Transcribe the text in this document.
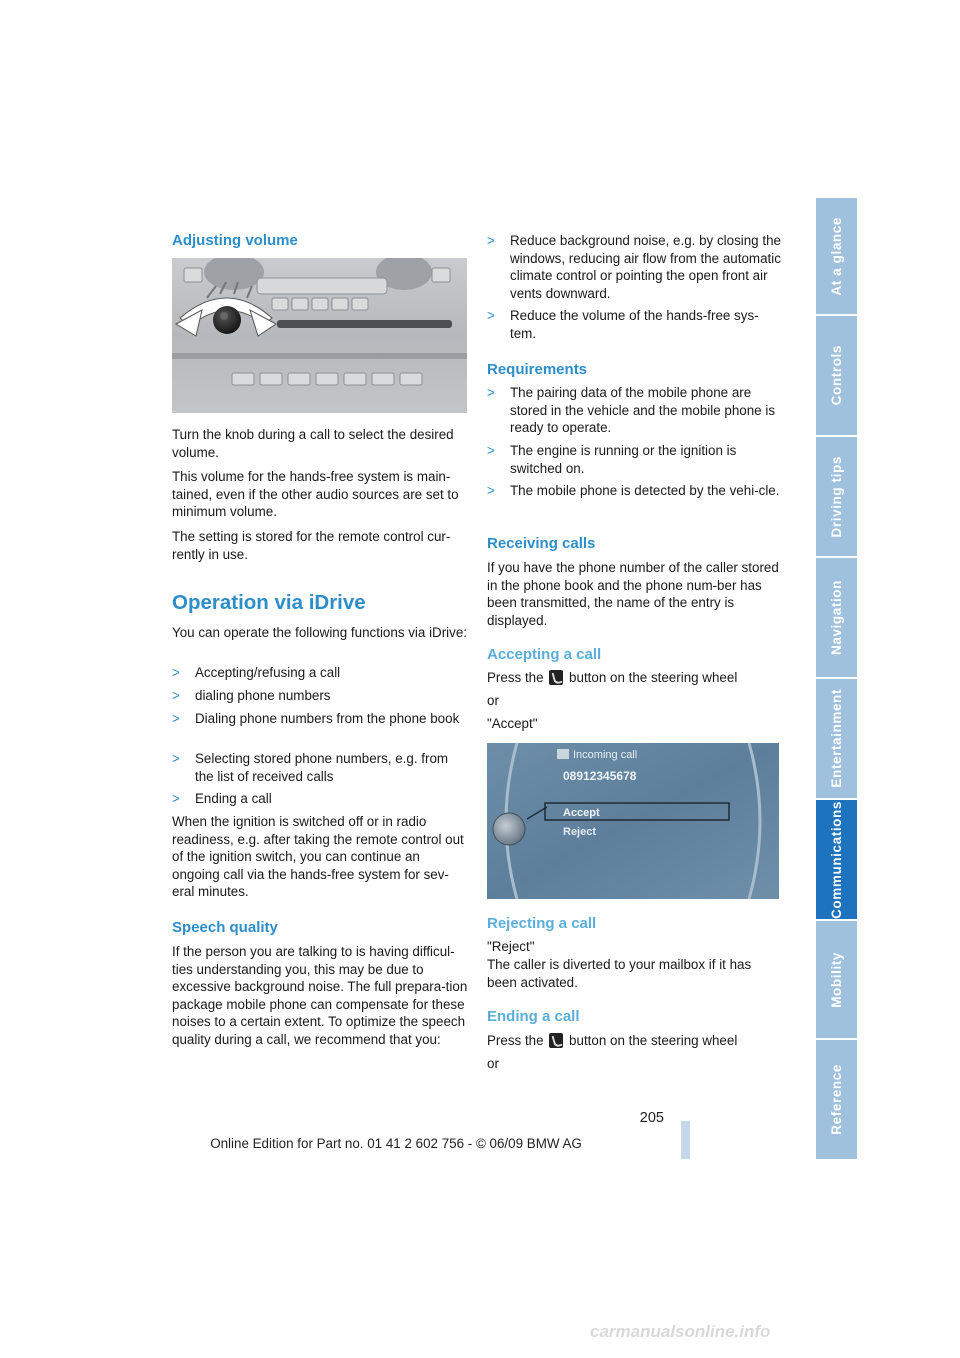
At a glance
Controls
Driving tips
Navigation
Entertainment
Communications
Mobility
Reference
Adjusting volume

Turn the knob during a call to select the desired volume.

This volume for the hands-free system is main-tained, even if the other audio sources are set to minimum volume.

The setting is stored for the remote control cur-rently in use.

Operation via iDrive

You can operate the following functions via iDrive:

> Accepting/refusing a call
> dialing phone numbers
> Dialing phone numbers from the phone book
> Selecting stored phone numbers, e.g. from the list of received calls
> Ending a call

When the ignition is switched off or in radio readiness, e.g. after taking the remote control out of the ignition switch, you can continue an ongoing call via the hands-free system for sev-eral minutes.

Speech quality

If the person you are talking to is having difficul-ties understanding you, this may be due to excessive background noise. The full prepara-tion package mobile phone can compensate for these noises to a certain extent. To optimize the speech quality during a call, we recommend that you:

> Reduce background noise, e.g. by closing the windows, reducing air flow from the automatic climate control or pointing the open front air vents downward.
> Reduce the volume of the hands-free sys-tem.
Requirements
> The pairing data of the mobile phone are stored in the vehicle and the mobile phone is ready to operate.
> The engine is running or the ignition is switched on.
> The mobile phone is detected by the vehi-cle.
Receiving calls

If you have the phone number of the caller stored in the phone book and the phone num-ber has been transmitted, the name of the entry is displayed.

Accepting a call

Press the button on the steering wheel

or

"Accept"

Incoming call
08912345678
Accept
Reject
Rejecting a call

"Reject"

The caller is diverted to your mailbox if it has been activated.

Ending a call

Press the button on the steering wheel

or

205
Online Edition for Part no. 01 41 2 602 756 - © 06/09 BMW AG
carmanualsonline.info
